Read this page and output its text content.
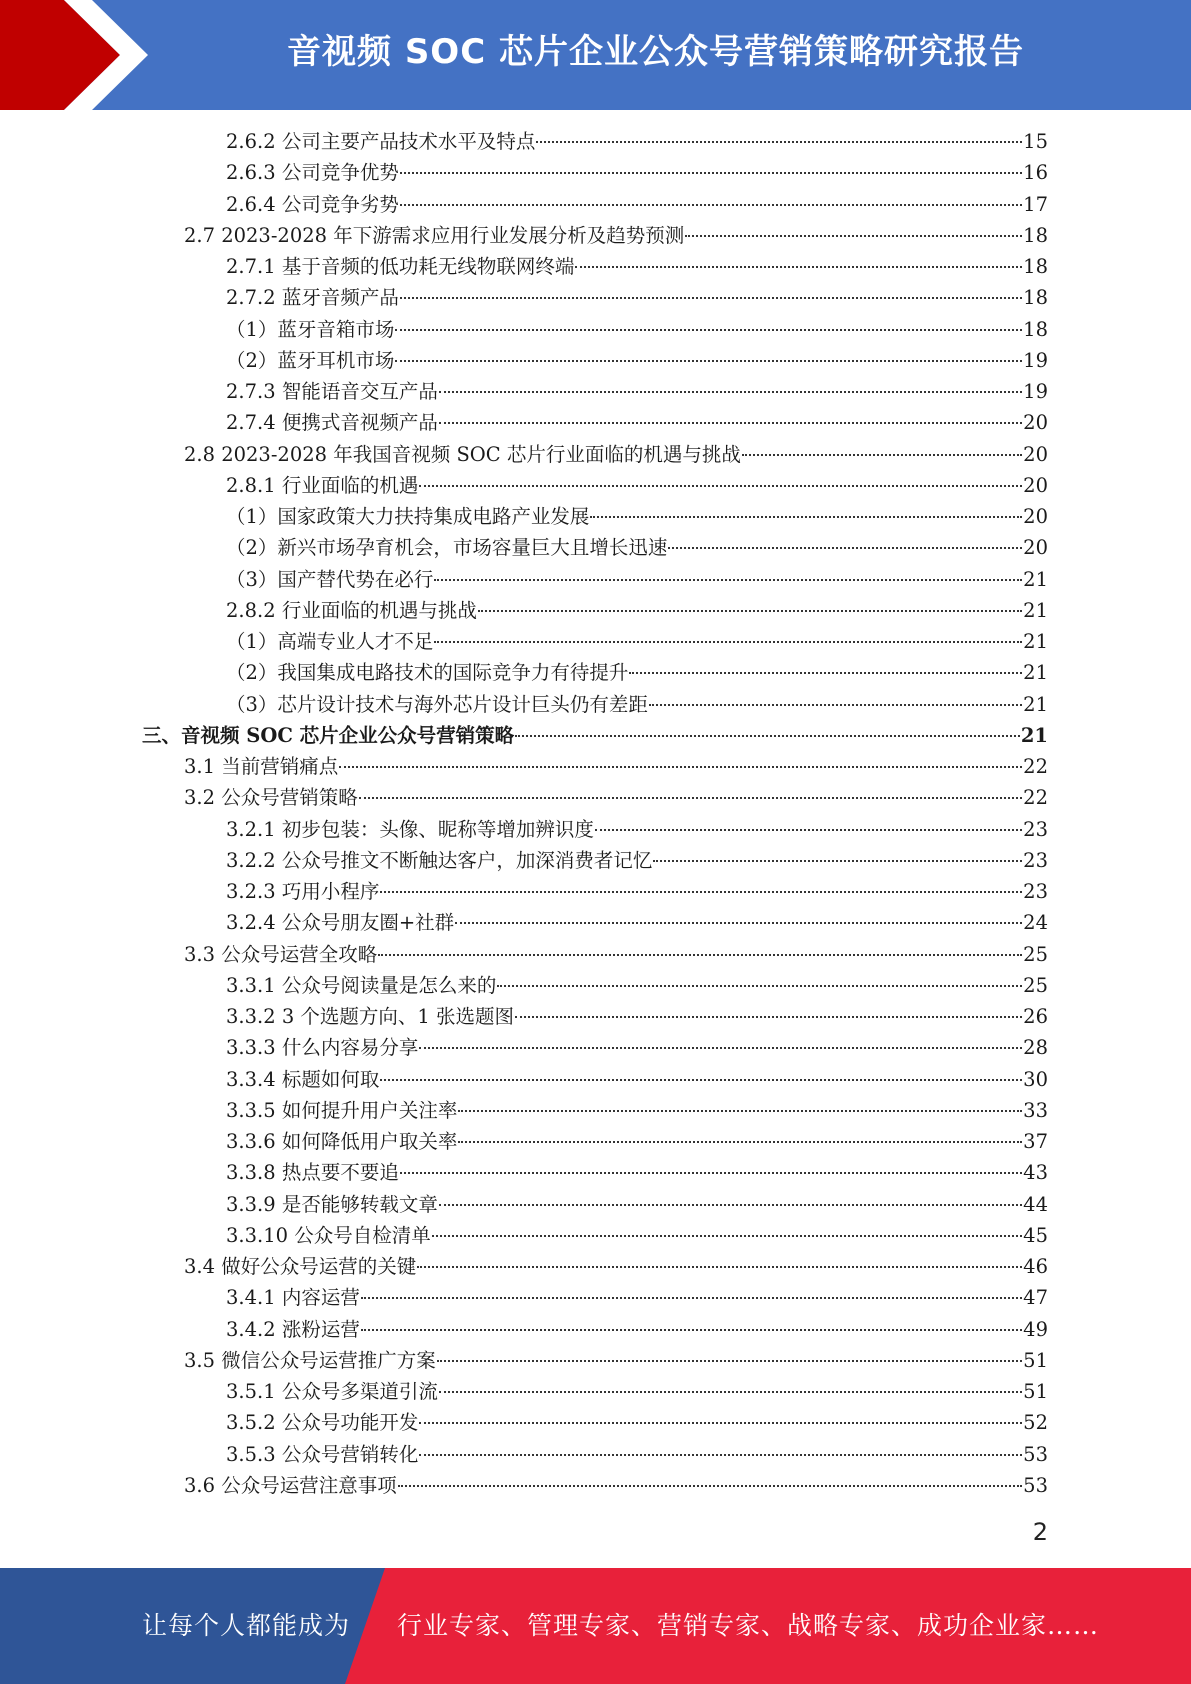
音视频 SOC 芯片企业公众号营销策略研究报告
2.6.2 公司主要产品技术水平及特点	15
2.6.3 公司竞争优势	16
2.6.4 公司竞争劣势	17
2.7 2023-2028 年下游需求应用行业发展分析及趋势预测	18
2.7.1 基于音频的低功耗无线物联网终端	18
2.7.2 蓝牙音频产品	18
（1）蓝牙音箱市场	18
（2）蓝牙耳机市场	19
2.7.3 智能语音交互产品	19
2.7.4 便携式音视频产品	20
2.8 2023-2028 年我国音视频 SOC 芯片行业面临的机遇与挑战	20
2.8.1 行业面临的机遇	20
（1）国家政策大力扶持集成电路产业发展	20
（2）新兴市场孕育机会，市场容量巨大且增长迅速	20
（3）国产替代势在必行	21
2.8.2 行业面临的机遇与挑战	21
（1）高端专业人才不足	21
（2）我国集成电路技术的国际竞争力有待提升	21
（3）芯片设计技术与海外芯片设计巨头仍有差距	21
三、音视频 SOC 芯片企业公众号营销策略	21
3.1 当前营销痛点	22
3.2 公众号营销策略	22
3.2.1 初步包装：头像、昵称等增加辨识度	23
3.2.2 公众号推文不断触达客户，加深消费者记忆	23
3.2.3 巧用小程序	23
3.2.4 公众号朋友圈+社群	24
3.3 公众号运营全攻略	25
3.3.1 公众号阅读量是怎么来的	25
3.3.2 3 个选题方向、1 张选题图	26
3.3.3 什么内容易分享	28
3.3.4 标题如何取	30
3.3.5 如何提升用户关注率	33
3.3.6 如何降低用户取关率	37
3.3.8 热点要不要追	43
3.3.9 是否能够转载文章	44
3.3.10 公众号自检清单	45
3.4 做好公众号运营的关键	46
3.4.1 内容运营	47
3.4.2 涨粉运营	49
3.5 微信公众号运营推广方案	51
3.5.1 公众号多渠道引流	51
3.5.2 公众号功能开发	52
3.5.3 公众号营销转化	53
3.6 公众号运营注意事项	53
2
让每个人都能成为 行业专家、管理专家、营销专家、战略专家、成功企业家……
